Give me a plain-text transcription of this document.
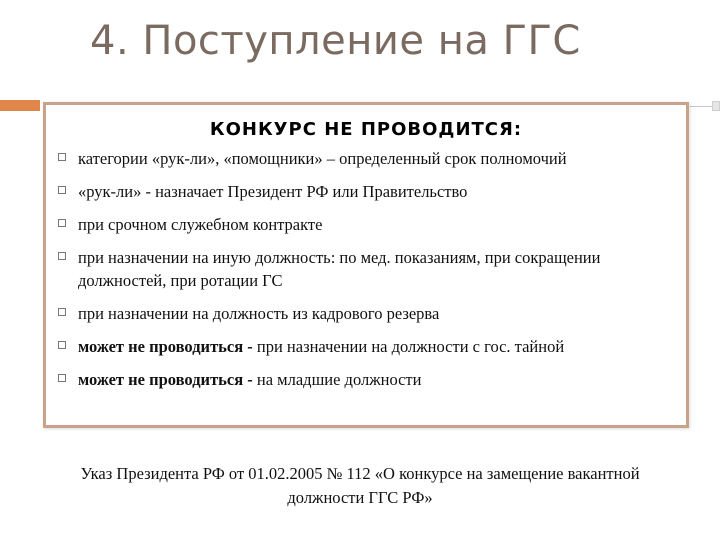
4. Поступление на ГГС

КОНКУРС НЕ ПРОВОДИТСЯ:

категории «рук-ли», «помощники» – определенный срок полномочий
«рук-ли» - назначает Президент РФ или Правительство
при срочном служебном контракте
при назначении на иную должность: по мед. показаниям, при сокращении должностей, при ротации ГС
при назначении на должность из кадрового резерва
может не проводиться - при назначении на должности с гос. тайной
может не проводиться - на младшие должности

Указ Президента РФ от 01.02.2005 № 112 «О конкурсе на замещение вакантной должности ГГС РФ»
